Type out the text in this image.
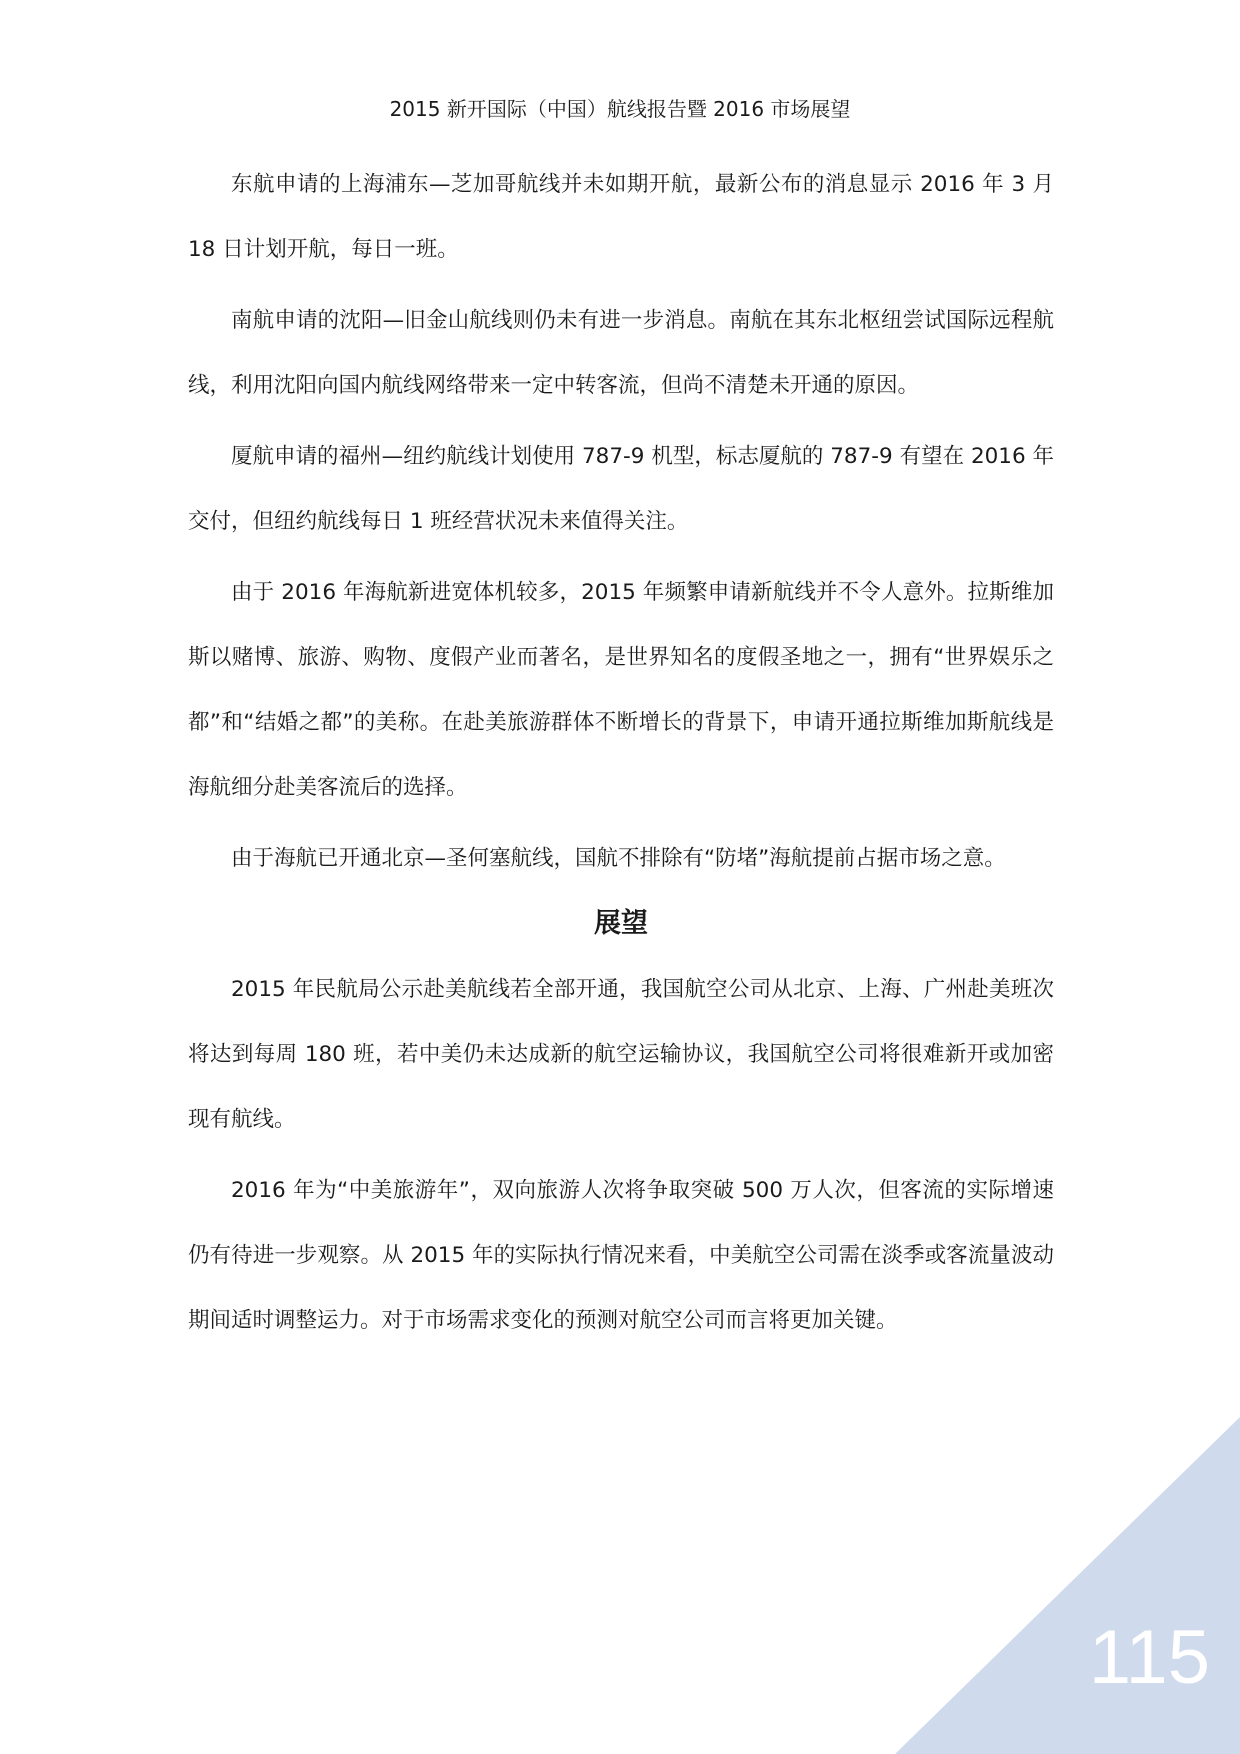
2015 新开国际（中国）航线报告暨 2016 市场展望

东航申请的上海浦东—芝加哥航线并未如期开航，最新公布的消息显示 2016 年 3 月 18 日计划开航，每日一班。

南航申请的沈阳—旧金山航线则仍未有进一步消息。南航在其东北枢纽尝试国际远程航线，利用沈阳向国内航线网络带来一定中转客流，但尚不清楚未开通的原因。

厦航申请的福州—纽约航线计划使用 787-9 机型，标志厦航的 787-9 有望在 2016 年交付，但纽约航线每日 1 班经营状况未来值得关注。

由于 2016 年海航新进宽体机较多，2015 年频繁申请新航线并不令人意外。拉斯维加斯以赌博、旅游、购物、度假产业而著名，是世界知名的度假圣地之一，拥有“世界娱乐之都”和“结婚之都”的美称。在赴美旅游群体不断增长的背景下，申请开通拉斯维加斯航线是海航细分赴美客流后的选择。

由于海航已开通北京—圣何塞航线，国航不排除有“防堵”海航提前占据市场之意。

展望

2015 年民航局公示赴美航线若全部开通，我国航空公司从北京、上海、广州赴美班次将达到每周 180 班，若中美仍未达成新的航空运输协议，我国航空公司将很难新开或加密现有航线。

2016 年为“中美旅游年”，双向旅游人次将争取突破 500 万人次，但客流的实际增速仍有待进一步观察。从 2015 年的实际执行情况来看，中美航空公司需在淡季或客流量波动期间适时调整运力。对于市场需求变化的预测对航空公司而言将更加关键。

115
